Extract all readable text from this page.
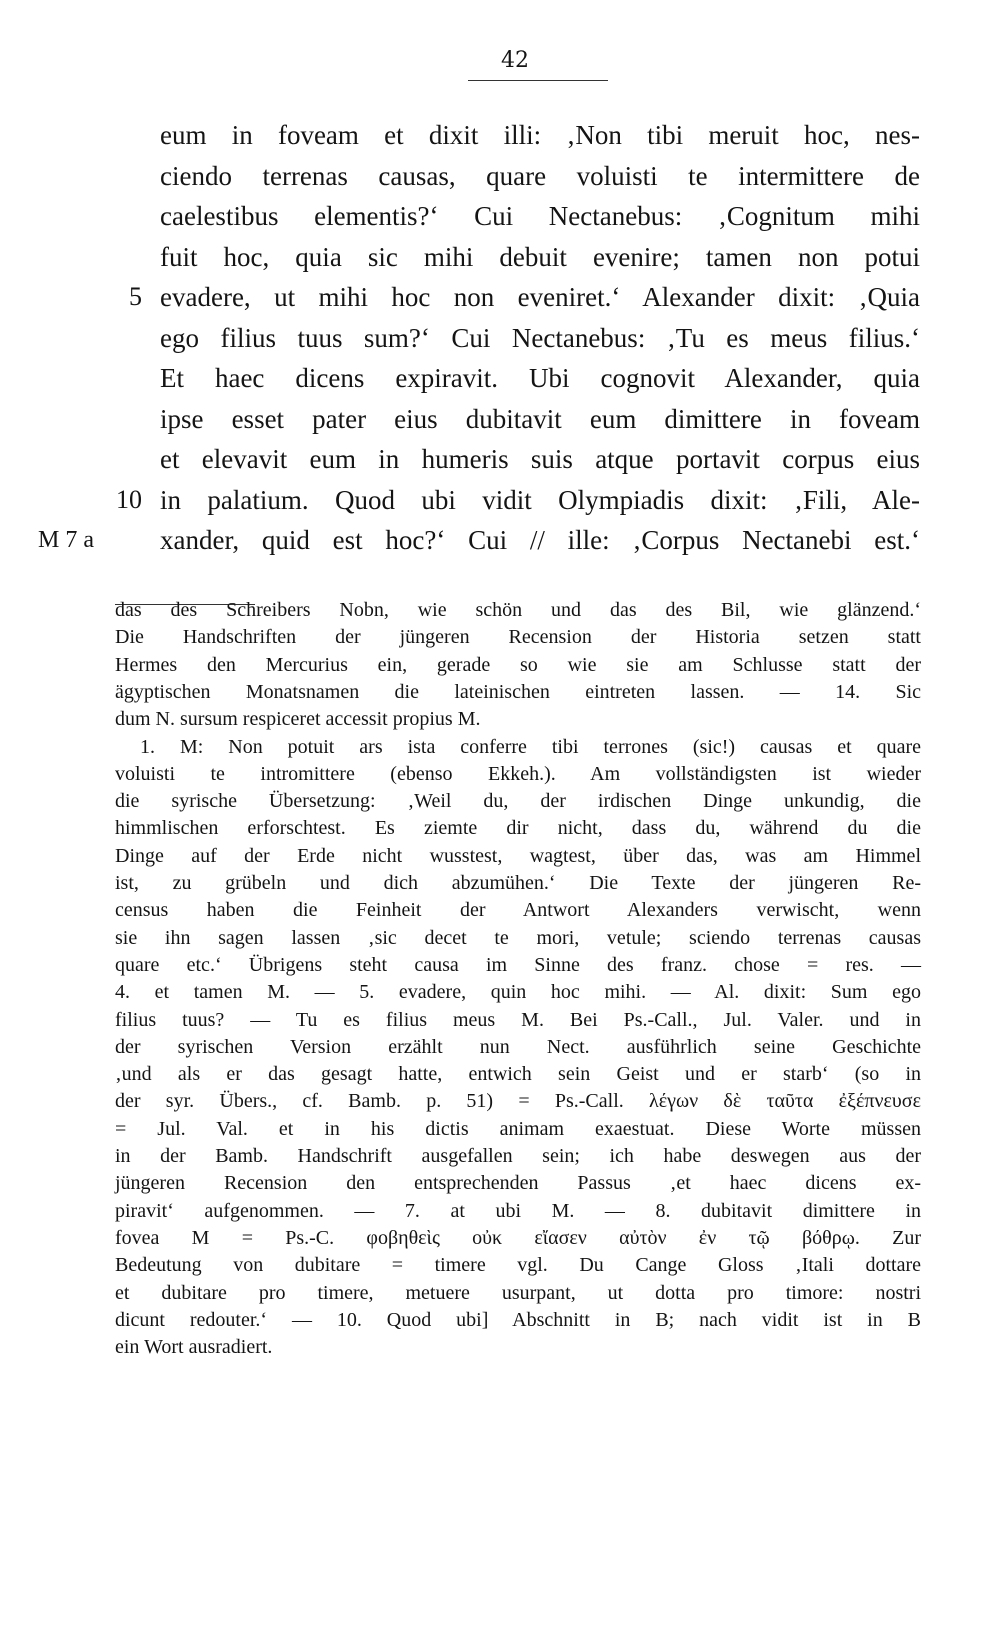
42
eum in foveam et dixit illi: ‚Non tibi meruit hoc, nes-
ciendo terrenas causas, quare voluisti te intermittere de
caelestibus elementis?‘ Cui Nectanebus: ‚Cognitum mihi
fuit hoc, quia sic mihi debuit evenire; tamen non potui
evadere, ut mihi hoc non eveniret.‘ Alexander dixit: ‚Quia
5
ego filius tuus sum?‘ Cui Nectanebus: ‚Tu es meus filius.‘
Et haec dicens expiravit. Ubi cognovit Alexander, quia
ipse esset pater eius dubitavit eum dimittere in foveam
et elevavit eum in humeris suis atque portavit corpus eius
in palatium. Quod ubi vidit Olympiadis dixit: ‚Fili, Ale-
10
xander, quid est hoc?‘ Cui // ille: ‚Corpus Nectanebi est.‘
M 7 a
das des Schreibers Nobn, wie schön und das des Bil, wie glänzend.‘
Die Handschriften der jüngeren Recension der Historia setzen statt
Hermes den Mercurius ein, gerade so wie sie am Schlusse statt der
ägyptischen Monatsnamen die lateinischen eintreten lassen. — 14. Sic
dum N. sursum respiceret accessit propius M.
1. M: Non potuit ars ista conferre tibi terrones (sic!) causas et quare
voluisti te intromittere (ebenso Ekkeh.). Am vollständigsten ist wieder
die syrische Übersetzung: ‚Weil du, der irdischen Dinge unkundig, die
himmlischen erforschtest. Es ziemte dir nicht, dass du, während du die
Dinge auf der Erde nicht wusstest, wagtest, über das, was am Himmel
ist, zu grübeln und dich abzumühen.‘ Die Texte der jüngeren Re-
census haben die Feinheit der Antwort Alexanders verwischt, wenn
sie ihn sagen lassen ‚sic decet te mori, vetule; sciendo terrenas causas
quare etc.‘ Übrigens steht causa im Sinne des franz. chose = res. —
4. et tamen M. — 5. evadere, quin hoc mihi. — Al. dixit: Sum ego
filius tuus? — Tu es filius meus M. Bei Ps.-Call., Jul. Valer. und in
der syrischen Version erzählt nun Nect. ausführlich seine Geschichte
‚und als er das gesagt hatte, entwich sein Geist und er starb‘ (so in
der syr. Übers., cf. Bamb. p. 51) = Ps.-Call. λέγων δὲ ταῦτα ἐξέπνευσε
= Jul. Val. et in his dictis animam exaestuat. Diese Worte müssen
in der Bamb. Handschrift ausgefallen sein; ich habe deswegen aus der
jüngeren Recension den entsprechenden Passus ‚et haec dicens ex-
piravit‘ aufgenommen. — 7. at ubi M. — 8. dubitavit dimittere in
fovea M = Ps.-C. φοβηθεὶς οὐκ εἴασεν αὐτὸν ἐν τῷ βόθρῳ. Zur
Bedeutung von dubitare = timere vgl. Du Cange Gloss ‚Itali dottare
et dubitare pro timere, metuere usurpant, ut dotta pro timore: nostri
dicunt redouter.‘ — 10. Quod ubi] Abschnitt in B; nach vidit ist in B
ein Wort ausradiert.
